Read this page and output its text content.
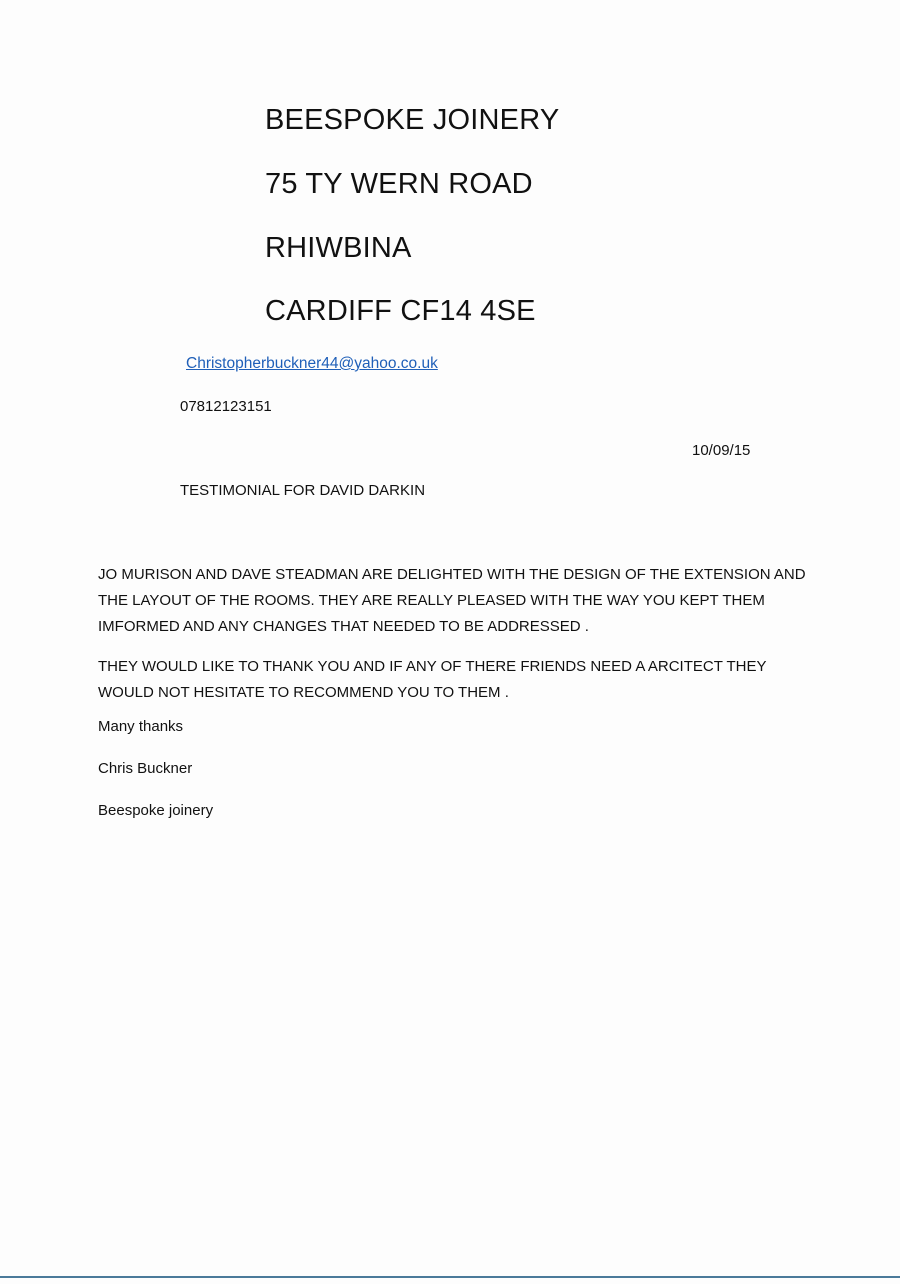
BEESPOKE JOINERY
75 TY WERN ROAD
RHIWBINA
CARDIFF CF14 4SE
Christopherbuckner44@yahoo.co.uk
07812123151
10/09/15
TESTIMONIAL FOR DAVID DARKIN
JO MURISON AND DAVE STEADMAN ARE DELIGHTED WITH THE DESIGN OF THE EXTENSION AND THE LAYOUT OF THE ROOMS. THEY ARE REALLY PLEASED WITH THE WAY YOU KEPT THEM IMFORMED AND ANY CHANGES THAT NEEDED TO BE ADDRESSED .
THEY WOULD LIKE TO THANK YOU AND IF ANY OF THERE FRIENDS NEED A ARCITECT THEY WOULD NOT HESITATE TO RECOMMEND YOU TO THEM .
Many thanks
Chris Buckner
Beespoke joinery
